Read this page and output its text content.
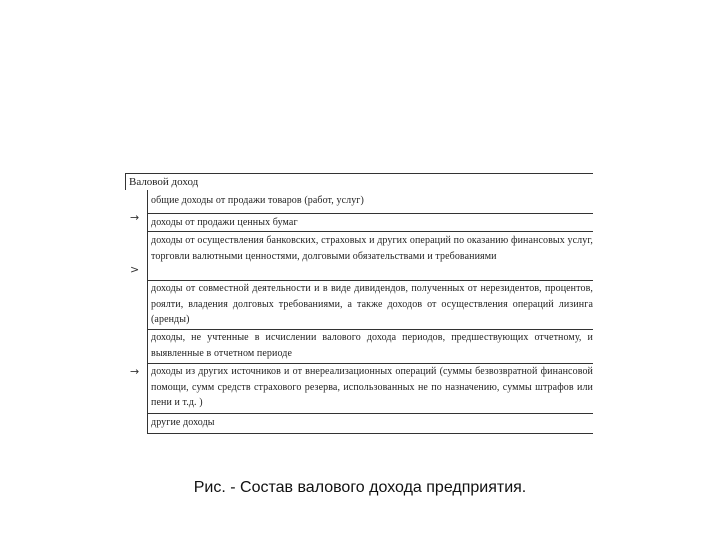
Валовой доход
общие доходы от продажи товаров (работ, услуг)
доходы от продажи ценных бумаг
доходы от осуществления банковских, страховых и других операций по оказанию финансовых услуг, торговли валютными ценностями, долговыми обязательствами и требованиями
доходы от совместной деятельности и в виде дивидендов, полученных от нерезидентов, процентов, роялти, владения долговых требованиями, а также доходов от осуществления операций лизинга (аренды)
доходы, не учтенные в исчислении валового дохода периодов, предшествующих отчетному, и выявленные в отчетном периоде
доходы из других источников и от внереализационных операций (суммы безвозвратной финансовой помощи, сумм средств страхового резерва, использованных не по назначению, суммы штрафов или пени и т.д. )
другие доходы
→
>
→
Рис. - Состав валового дохода предприятия.
